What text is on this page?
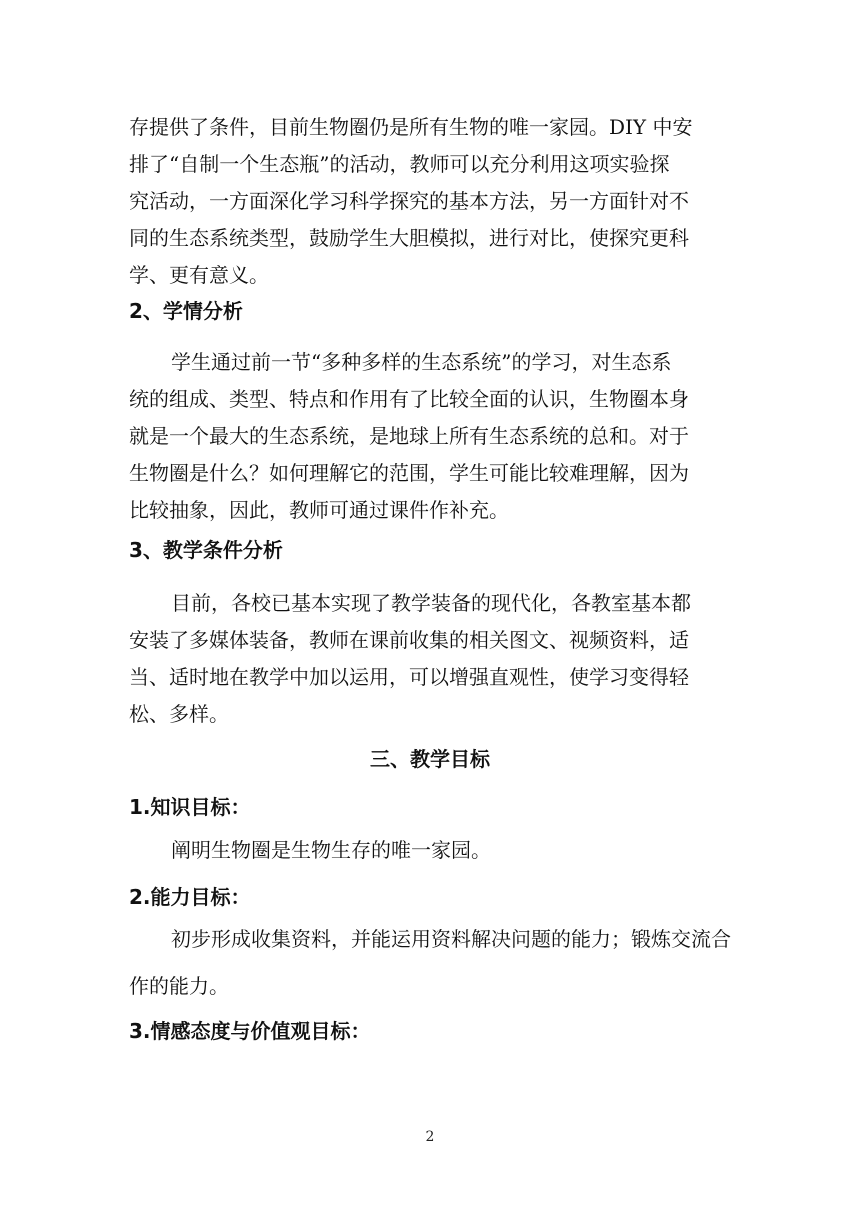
存提供了条件，目前生物圈仍是所有生物的唯一家园。DIY 中安
排了“自制一个生态瓶”的活动，教师可以充分利用这项实验探
究活动，一方面深化学习科学探究的基本方法，另一方面针对不
同的生态系统类型，鼓励学生大胆模拟，进行对比，使探究更科
学、更有意义。
2、学情分析
学生通过前一节“多种多样的生态系统”的学习，对生态系
统的组成、类型、特点和作用有了比较全面的认识，生物圈本身
就是一个最大的生态系统，是地球上所有生态系统的总和。对于
生物圈是什么？如何理解它的范围，学生可能比较难理解，因为
比较抽象，因此，教师可通过课件作补充。
3、教学条件分析
目前，各校已基本实现了教学装备的现代化，各教室基本都
安装了多媒体装备，教师在课前收集的相关图文、视频资料，适
当、适时地在教学中加以运用，可以增强直观性，使学习变得轻
松、多样。
三、教学目标
1.知识目标：
阐明生物圈是生物生存的唯一家园。
2.能力目标：
初步形成收集资料，并能运用资料解决问题的能力；锻炼交流合
作的能力。
3.情感态度与价值观目标：
2
